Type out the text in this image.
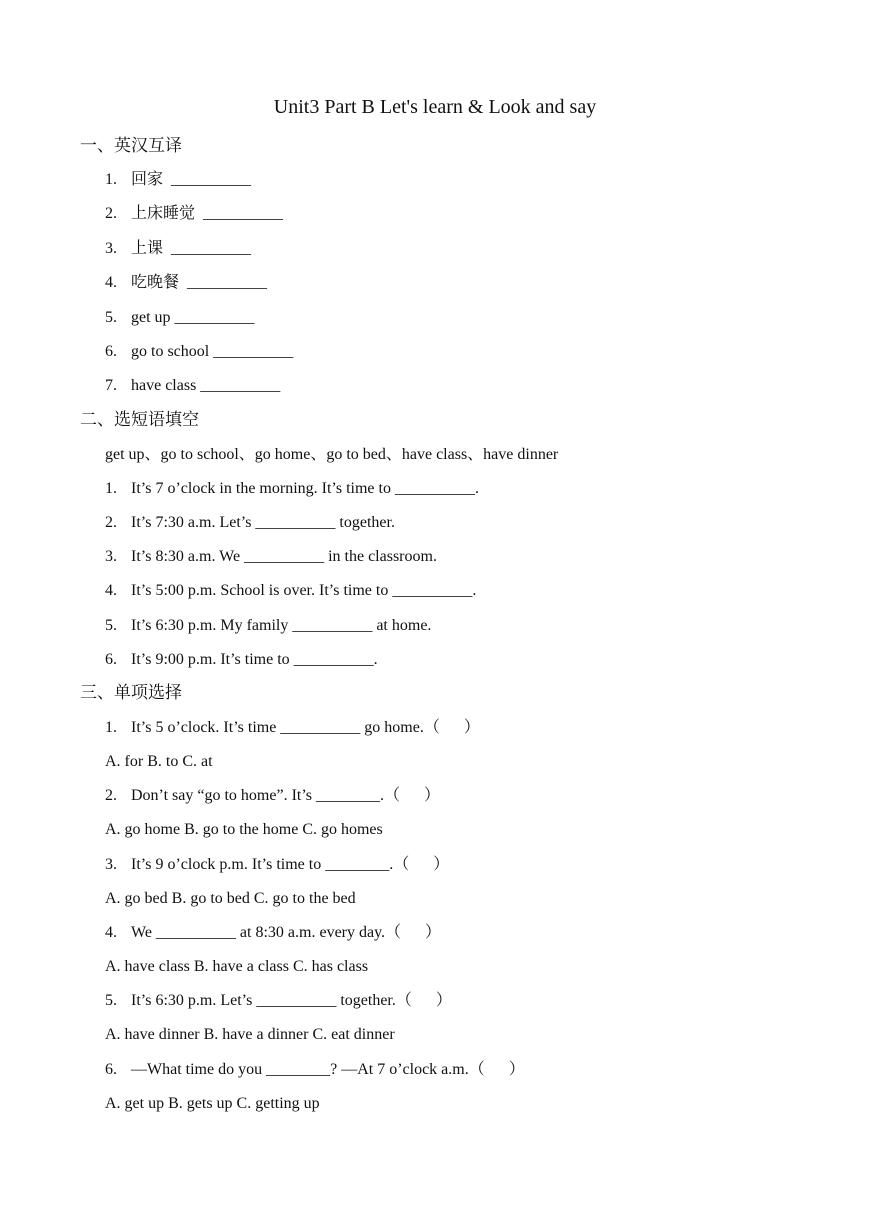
Unit3 Part B Let's learn & Look and say
一、英汉互译
1. 回家  __________
2. 上床睡觉  __________
3. 上课  __________
4. 吃晚餐  __________
5. get up __________
6. go to school __________
7. have class __________
二、选短语填空
get up、go to school、go home、go to bed、have class、have dinner
1. It’s 7 o’clock in the morning. It’s time to __________.
2. It’s 7:30 a.m. Let’s __________ together.
3. It’s 8:30 a.m. We __________ in the classroom.
4. It’s 5:00 p.m. School is over. It’s time to __________.
5. It’s 6:30 p.m. My family __________ at home.
6. It’s 9:00 p.m. It’s time to __________.
三、单项选择
1. It’s 5 o’clock. It’s time __________ go home.（      ）
A. for B. to C. at
2. Don’t say “go to home”. It’s ________.（      ）
A. go home B. go to the home C. go homes
3. It’s 9 o’clock p.m. It’s time to ________.（      ）
A. go bed B. go to bed C. go to the bed
4. We __________ at 8:30 a.m. every day.（      ）
A. have class B. have a class C. has class
5. It’s 6:30 p.m. Let’s __________ together.（      ）
A. have dinner B. have a dinner C. eat dinner
6. —What time do you ________? —At 7 o’clock a.m.（      ）
A. get up B. gets up C. getting up
